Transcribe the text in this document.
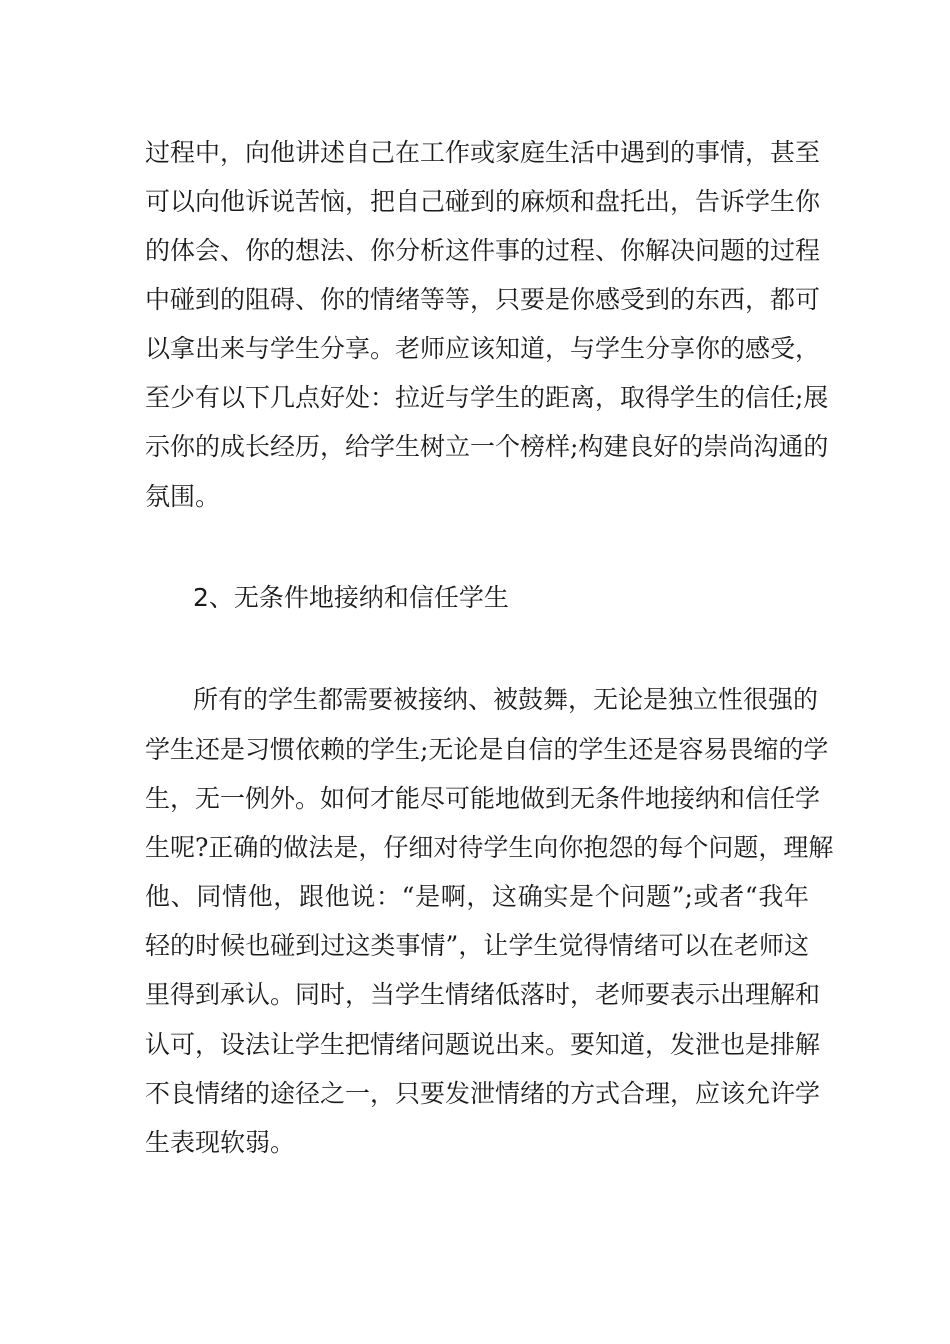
过程中，向他讲述自己在工作或家庭生活中遇到的事情，甚至
可以向他诉说苦恼，把自己碰到的麻烦和盘托出，告诉学生你
的体会、你的想法、你分析这件事的过程、你解决问题的过程
中碰到的阻碍、你的情绪等等，只要是你感受到的东西，都可
以拿出来与学生分享。老师应该知道，与学生分享你的感受，
至少有以下几点好处：拉近与学生的距离，取得学生的信任;展
示你的成长经历，给学生树立一个榜样;构建良好的崇尚沟通的
氛围。
2、无条件地接纳和信任学生
所有的学生都需要被接纳、被鼓舞，无论是独立性很强的
学生还是习惯依赖的学生;无论是自信的学生还是容易畏缩的学
生，无一例外。如何才能尽可能地做到无条件地接纳和信任学
生呢?正确的做法是，仔细对待学生向你抱怨的每个问题，理解
他、同情他，跟他说：“是啊，这确实是个问题”;或者“我年
轻的时候也碰到过这类事情”，让学生觉得情绪可以在老师这
里得到承认。同时，当学生情绪低落时，老师要表示出理解和
认可，设法让学生把情绪问题说出来。要知道，发泄也是排解
不良情绪的途径之一，只要发泄情绪的方式合理，应该允许学
生表现软弱。
